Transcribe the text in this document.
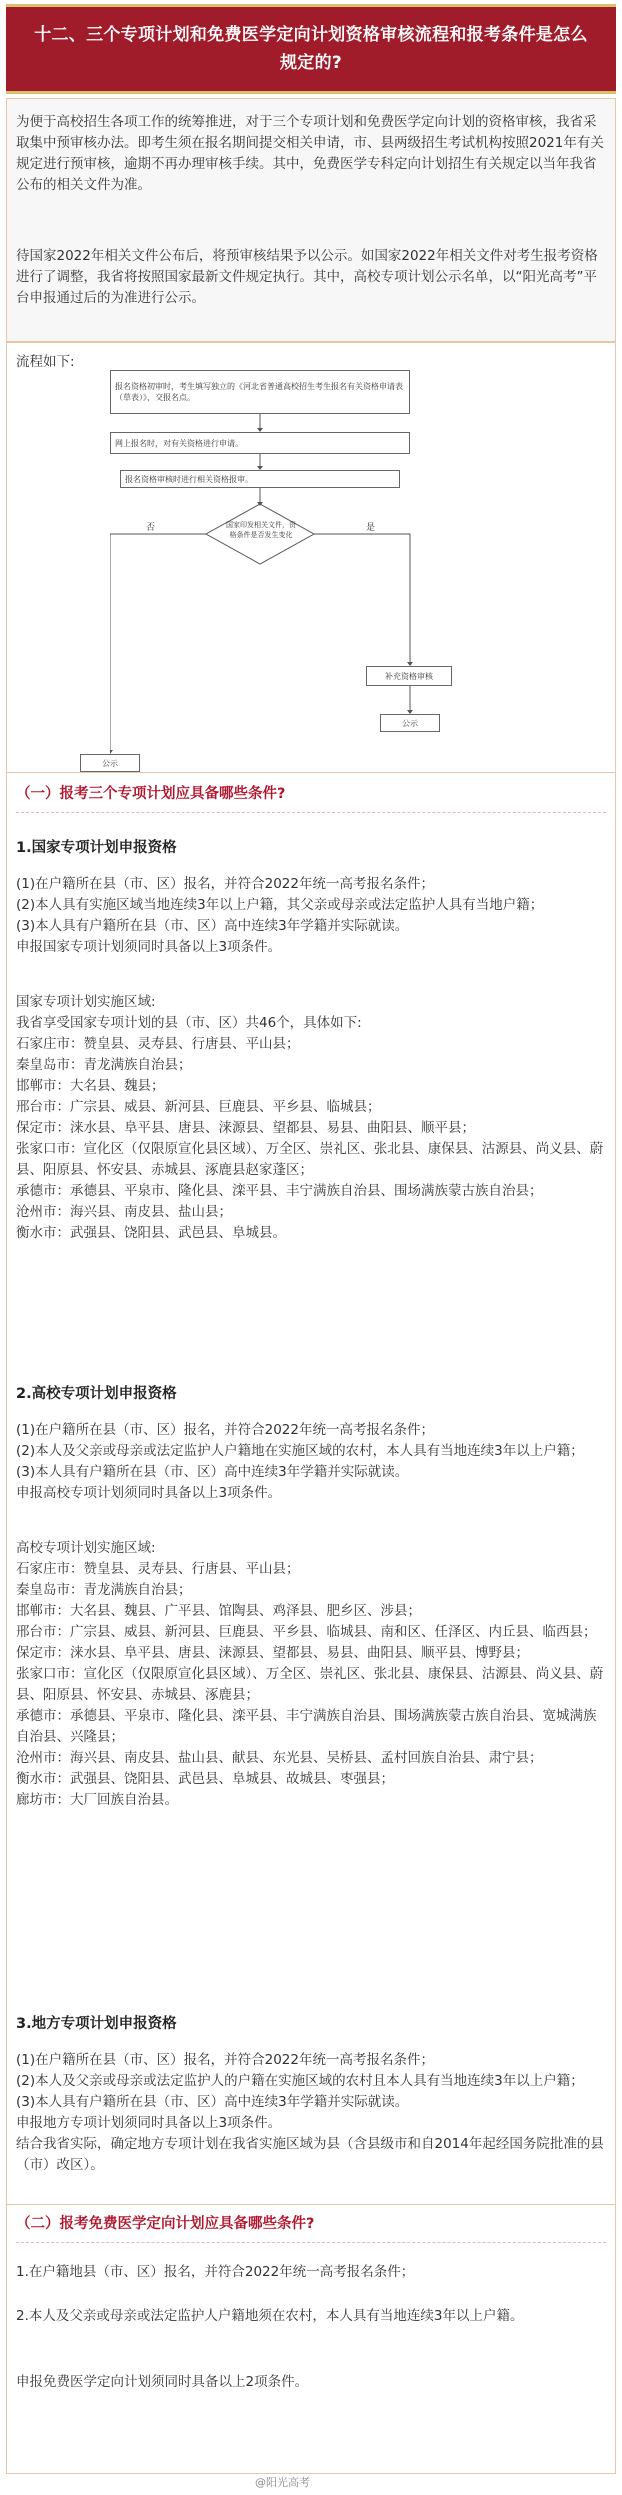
十二、三个专项计划和免费医学定向计划资格审核流程和报考条件是怎么规定的?

为便于高校招生各项工作的统筹推进，对于三个专项计划和免费医学定向计划的资格审核，我省采取集中预审核办法。即考生须在报名期间提交相关申请，市、县两级招生考试机构按照2021年有关规定进行预审核，逾期不再办理审核手续。其中，免费医学专科定向计划招生有关规定以当年我省公布的相关文件为准。

待国家2022年相关文件公布后，将预审核结果予以公示。如国家2022年相关文件对考生报考资格进行了调整，我省将按照国家最新文件规定执行。其中，高校专项计划公示名单，以“阳光高考”平台申报通过后的为准进行公示。

流程如下:
报名资格初审时，考生填写独立的《河北省普通高校招生考生报名有关资格申请表（草表）》，交报名点。
网上报名时，对有关资格进行申请。
报名资格审核时进行相关资格报审。
国家印发相关文件，资格条件是否发生变化
否	是
补充资格审核
公示
公示
（一）报考三个专项计划应具备哪些条件?
1.国家专项计划申报资格
(1)在户籍所在县（市、区）报名，并符合2022年统一高考报名条件；
(2)本人具有实施区域当地连续3年以上户籍，其父亲或母亲或法定监护人具有当地户籍；
(3)本人具有户籍所在县（市、区）高中连续3年学籍并实际就读。
申报国家专项计划须同时具备以上3项条件。
国家专项计划实施区域:
我省享受国家专项计划的县（市、区）共46个，具体如下:
石家庄市：赞皇县、灵寿县、行唐县、平山县；
秦皇岛市：青龙满族自治县；
邯郸市：大名县、魏县；
邢台市：广宗县、威县、新河县、巨鹿县、平乡县、临城县；
保定市：涞水县、阜平县、唐县、涞源县、望都县、易县、曲阳县、顺平县；
张家口市：宣化区（仅限原宣化县区域）、万全区、崇礼区、张北县、康保县、沽源县、尚义县、蔚县、阳原县、怀安县、赤城县、涿鹿县赵家蓬区；
承德市：承德县、平泉市、隆化县、滦平县、丰宁满族自治县、围场满族蒙古族自治县；
沧州市：海兴县、南皮县、盐山县；
衡水市：武强县、饶阳县、武邑县、阜城县。
2.高校专项计划申报资格
(1)在户籍所在县（市、区）报名，并符合2022年统一高考报名条件；
(2)本人及父亲或母亲或法定监护人户籍地在实施区域的农村，本人具有当地连续3年以上户籍；
(3)本人具有户籍所在县（市、区）高中连续3年学籍并实际就读。
申报高校专项计划须同时具备以上3项条件。
高校专项计划实施区域:
石家庄市：赞皇县、灵寿县、行唐县、平山县；
秦皇岛市：青龙满族自治县；
邯郸市：大名县、魏县、广平县、馆陶县、鸡泽县、肥乡区、涉县；
邢台市：广宗县、威县、新河县、巨鹿县、平乡县、临城县、南和区、任泽区、内丘县、临西县；
保定市：涞水县、阜平县、唐县、涞源县、望都县、易县、曲阳县、顺平县、博野县；
张家口市：宣化区（仅限原宣化县区域）、万全区、崇礼区、张北县、康保县、沽源县、尚义县、蔚县、阳原县、怀安县、赤城县、涿鹿县；
承德市：承德县、平泉市、隆化县、滦平县、丰宁满族自治县、围场满族蒙古族自治县、宽城满族自治县、兴隆县；
沧州市：海兴县、南皮县、盐山县、献县、东光县、吴桥县、孟村回族自治县、肃宁县；
衡水市：武强县、饶阳县、武邑县、阜城县、故城县、枣强县；
廊坊市：大厂回族自治县。
3.地方专项计划申报资格
(1)在户籍所在县（市、区）报名，并符合2022年统一高考报名条件；
(2)本人及父亲或母亲或法定监护人的户籍在实施区域的农村且本人具有当地连续3年以上户籍；
(3)本人具有户籍所在县（市、区）高中连续3年学籍并实际就读。
申报地方专项计划须同时具备以上3项条件。
结合我省实际，确定地方专项计划在我省实施区域为县（含县级市和自2014年起经国务院批准的县（市）改区）。
（二）报考免费医学定向计划应具备哪些条件?
1.在户籍地县（市、区）报名，并符合2022年统一高考报名条件；
2.本人及父亲或母亲或法定监护人户籍地须在农村，本人具有当地连续3年以上户籍。
申报免费医学定向计划须同时具备以上2项条件。
@阳光高考
